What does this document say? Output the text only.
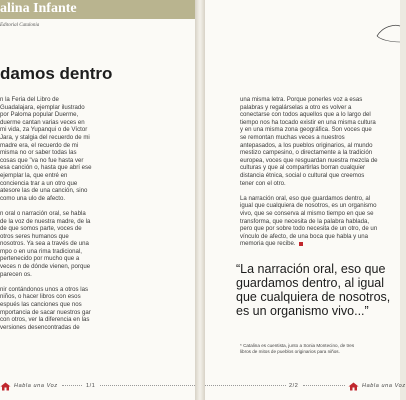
alina Infante
Editorial Catalonia
damos dentro

n la Feria del Libro de Guadalajara, ejemplar ilustrado por Paloma popular Duerme, duerme cantan varias veces en mi vida, za Yupanqui o de Víctor Jara, y stalgia del recuerdo de mi madre era, el recuerdo de mi misma no or saber todas las cosas que "va no fue hasta ver esa canción o, hasta que abrí ese ejemplar la, que entré en conciencia trar a un otro que atesore las de una canción, sino como una ulo de afecto.

n oral o narración oral, se habla de la voz de nuestra madre, de la de que somos parte, voces de otros seres humanos que nosotros. Ya sea a través de una mpo o en una rima tradicional, pertenecido por mucho que a veces n de dónde vienen, porque parecen os.

nir contándonos unos a otros las niños, o hacer libros con esos espués las canciones que nos mportancia de sacar nuestros gar con otros, ver la diferencia en las versiones desencontradas de

una misma letra. Porque ponerles voz a esas palabras y regalárselas a otro es volver a conectarse con todos aquellos que a lo largo del tiempo nos ha tocado existir en una misma cultura y en una misma zona geográfica. Son voces que se remontan muchas veces a nuestros antepasados, a los pueblos originarios, al mundo mestizo campesino, o directamente a la tradición europea, voces que resguardan nuestra mezcla de culturas y que al compartirlas borran cualquier distancia étnica, social o cultural que creemos tener con el otro.

La narración oral, eso que guardamos dentro, al igual que cualquiera de nosotros, es un organismo vivo, que se conserva al mismo tiempo en que se transforma, que necesita de la palabra hablada, pero que por sobre todo necesita de un otro, de un vínculo de afecto, de una boca que habla y una memoria que recibe.

“La narración oral, eso que guardamos dentro, al igual que cualquiera de nosotros, es un organismo vivo...”
* Catalina es cuentista, junto a Sonia Montecino, de tres libros de mitos de pueblos originarios para niños.
Habla una Voz	1/1	2/2	Habla una Voz
